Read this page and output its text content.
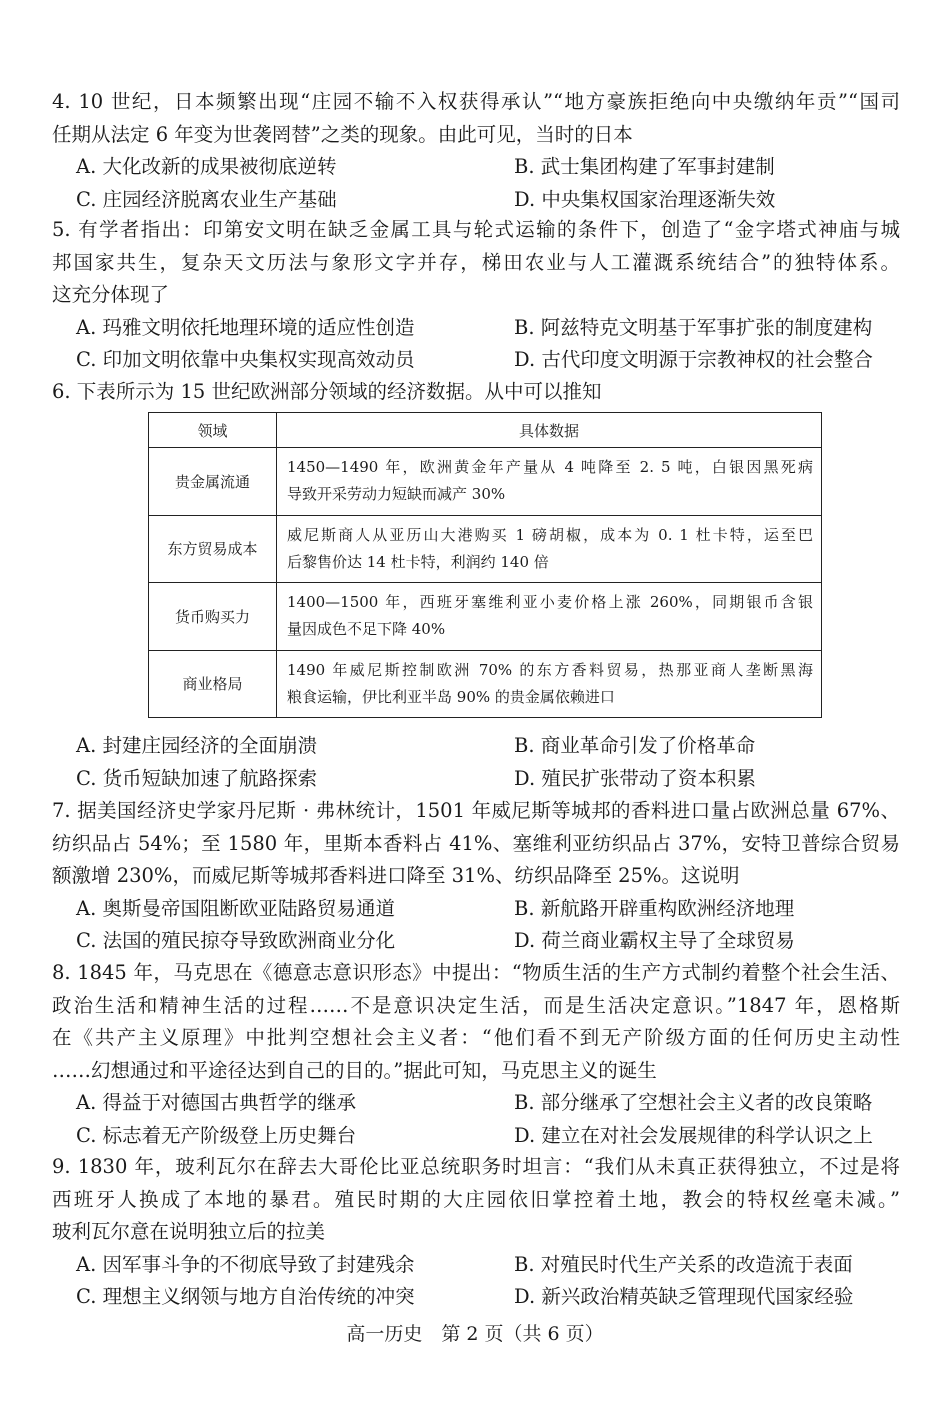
4. 10 世纪，日本频繁出现“庄园不输不入权获得承认”“地方豪族拒绝向中央缴纳年贡”“国司
任期从法定 6 年变为世袭罔替”之类的现象。由此可见，当时的日本
A. 大化改新的成果被彻底逆转	B. 武士集团构建了军事封建制
C. 庄园经济脱离农业生产基础	D. 中央集权国家治理逐渐失效
5. 有学者指出：印第安文明在缺乏金属工具与轮式运输的条件下，创造了“金字塔式神庙与城
邦国家共生，复杂天文历法与象形文字并存，梯田农业与人工灌溉系统结合”的独特体系。
这充分体现了
A. 玛雅文明依托地理环境的适应性创造	B. 阿兹特克文明基于军事扩张的制度建构
C. 印加文明依靠中央集权实现高效动员	D. 古代印度文明源于宗教神权的社会整合
6. 下表所示为 15 世纪欧洲部分领域的经济数据。从中可以推知
领域	具体数据
贵金属流通	1450—1490 年，欧洲黄金年产量从 4 吨降至 2. 5 吨，白银因黑死病
导致开采劳动力短缺而减产 30%

东方贸易成本	威尼斯商人从亚历山大港购买 1 磅胡椒，成本为 0. 1 杜卡特，运至巴
后黎售价达 14 杜卡特，利润约 140 倍

货币购买力	1400—1500 年，西班牙塞维利亚小麦价格上涨 260%，同期银币含银
量因成色不足下降 40%

商业格局	1490 年威尼斯控制欧洲 70% 的东方香料贸易，热那亚商人垄断黑海
粮食运输，伊比利亚半岛 90% 的贵金属依赖进口
A. 封建庄园经济的全面崩溃	B. 商业革命引发了价格革命
C. 货币短缺加速了航路探索	D. 殖民扩张带动了资本积累
7. 据美国经济史学家丹尼斯 · 弗林统计，1501 年威尼斯等城邦的香料进口量占欧洲总量 67%、
纺织品占 54%；至 1580 年，里斯本香料占 41%、塞维利亚纺织品占 37%，安特卫普综合贸易
额激增 230%，而威尼斯等城邦香料进口降至 31%、纺织品降至 25%。这说明
A. 奥斯曼帝国阻断欧亚陆路贸易通道	B. 新航路开辟重构欧洲经济地理
C. 法国的殖民掠夺导致欧洲商业分化	D. 荷兰商业霸权主导了全球贸易
8. 1845 年，马克思在《德意志意识形态》中提出：“物质生活的生产方式制约着整个社会生活、
政治生活和精神生活的过程……不是意识决定生活，而是生活决定意识。”1847 年，恩格斯
在《共产主义原理》中批判空想社会主义者：“他们看不到无产阶级方面的任何历史主动性
……幻想通过和平途径达到自己的目的。”据此可知，马克思主义的诞生
A. 得益于对德国古典哲学的继承	B. 部分继承了空想社会主义者的改良策略
C. 标志着无产阶级登上历史舞台	D. 建立在对社会发展规律的科学认识之上
9. 1830 年，玻利瓦尔在辞去大哥伦比亚总统职务时坦言：“我们从未真正获得独立，不过是将
西班牙人换成了本地的暴君。殖民时期的大庄园依旧掌控着土地，教会的特权丝毫未减。”
玻利瓦尔意在说明独立后的拉美
A. 因军事斗争的不彻底导致了封建残余	B. 对殖民时代生产关系的改造流于表面
C. 理想主义纲领与地方自治传统的冲突	D. 新兴政治精英缺乏管理现代国家经验
高一历史　第 2 页（共 6 页）
